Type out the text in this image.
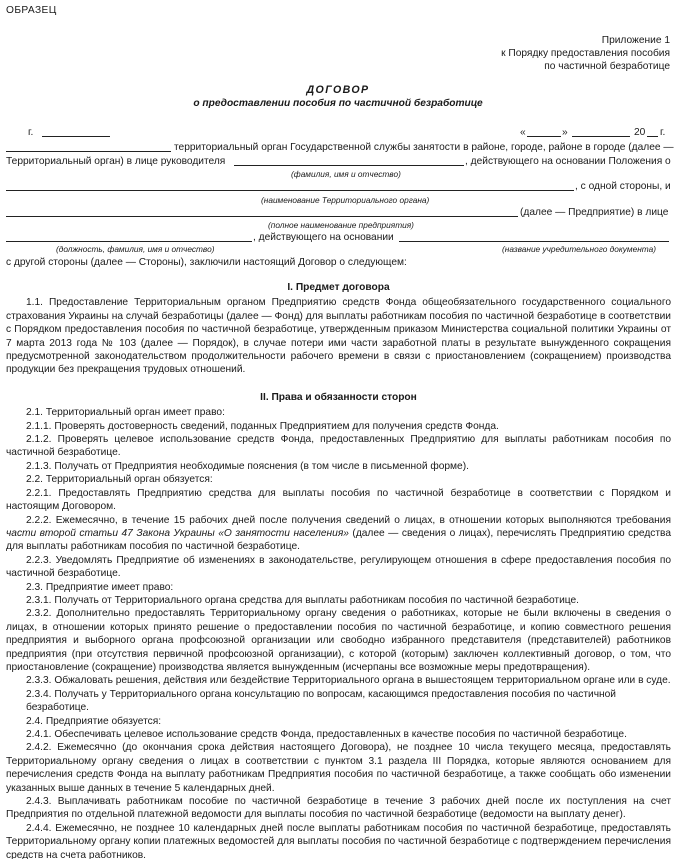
ОБРАЗЕЦ
Приложение 1
к Порядку предоставления пособия
по частичной безработице
ДОГОВОР
о предоставлении пособия по частичной безработице
г.	«	»	20 г.
территориальный орган Государственной службы занятости в районе, городе, районе в городе (далее —
Территориальный орган) в лице руководителя	, действующего на основании Положения о
(фамилия, имя и отчество)
, с одной стороны, и
(наименование Территориального органа)
(далее — Предприятие) в лице
(полное наименование предприятия)
, действующего на основании
(должность, фамилия, имя и отчество)	(название учредительного документа)
с другой стороны (далее — Стороны), заключили настоящий Договор о следующем:
I. Предмет договора
1.1. Предоставление Территориальным органом Предприятию средств Фонда общеобязательного государственного социального страхования Украины на случай безработицы (далее — Фонд) для выплаты работникам пособия по частичной безработице в соответствии с Порядком предоставления пособия по частичной безработице, утвержденным приказом Министерства социальной политики Украины от 7 марта 2013 года № 103 (далее — Порядок), в случае потери ими части заработной платы в результате вынужденного сокращения предусмотренной законодательством продолжительности рабочего времени в связи с приостановлением (сокращением) производства продукции без прекращения трудовых отношений.
II. Права и обязанности сторон
2.1. Территориальный орган имеет право:
2.1.1. Проверять достоверность сведений, поданных Предприятием для получения средств Фонда.
2.1.2. Проверять целевое использование средств Фонда, предоставленных Предприятию для выплаты работникам пособия по частичной безработице.
2.1.3. Получать от Предприятия необходимые пояснения (в том числе в письменной форме).
2.2. Территориальный орган обязуется:
2.2.1. Предоставлять Предприятию средства для выплаты пособия по частичной безработице в соответствии с Порядком и настоящим Договором.
2.2.2. Ежемесячно, в течение 15 рабочих дней после получения сведений о лицах, в отношении которых выполняются требования части второй статьи 47 Закона Украины «О занятости населения» (далее — сведения о лицах), перечислять Предприятию средства для выплаты работникам пособия по частичной безработице.
2.2.3. Уведомлять Предприятие об изменениях в законодательстве, регулирующем отношения в сфере предоставления пособия по частичной безработице.
2.3. Предприятие имеет право:
2.3.1. Получать от Территориального органа средства для выплаты работникам пособия по частичной безработице.
2.3.2. Дополнительно предоставлять Территориальному органу сведения о работниках, которые не были включены в сведения о лицах, в отношении которых принято решение о предоставлении пособия по частичной безработице, и копию совместного решения предприятия и выборного органа профсоюзной организации или свободно избранного представителя (представителей) работников предприятия (при отсутствия первичной профсоюзной организации), с которой (которым) заключен коллективный договор, о том, что приостановление (сокращение) производства является вынужденным (исчерпаны все возможные меры предотвращения).
2.3.3. Обжаловать решения, действия или бездействие Территориального органа в вышестоящем территориальном органе или в суде.
2.3.4. Получать у Территориального органа консультацию по вопросам, касающимся предоставления пособия по частичной безработице.
2.4. Предприятие обязуется:
2.4.1. Обеспечивать целевое использование средств Фонда, предоставленных в качестве пособия по частичной безработице.
2.4.2. Ежемесячно (до окончания срока действия настоящего Договора), не позднее 10 числа текущего месяца, предоставлять Территориальному органу сведения о лицах в соответствии с пунктом 3.1 раздела III Порядка, которые являются основанием для перечисления средств Фонда на выплату работникам Предприятия пособия по частичной безработице, а также сообщать обо изменении указанных выше данных в течение 5 календарных дней.
2.4.3. Выплачивать работникам пособие по частичной безработице в течение 3 рабочих дней после их поступления на счет Предприятия по отдельной платежной ведомости для выплаты пособия по частичной безработице (ведомости на выплату денег).
2.4.4. Ежемесячно, не позднее 10 календарных дней после выплаты работникам пособия по частичной безработице, предоставлять Территориальному органу копии платежных ведомостей для выплаты пособия по частичной безработице с подтверждением перечисления средств на счета работников.
